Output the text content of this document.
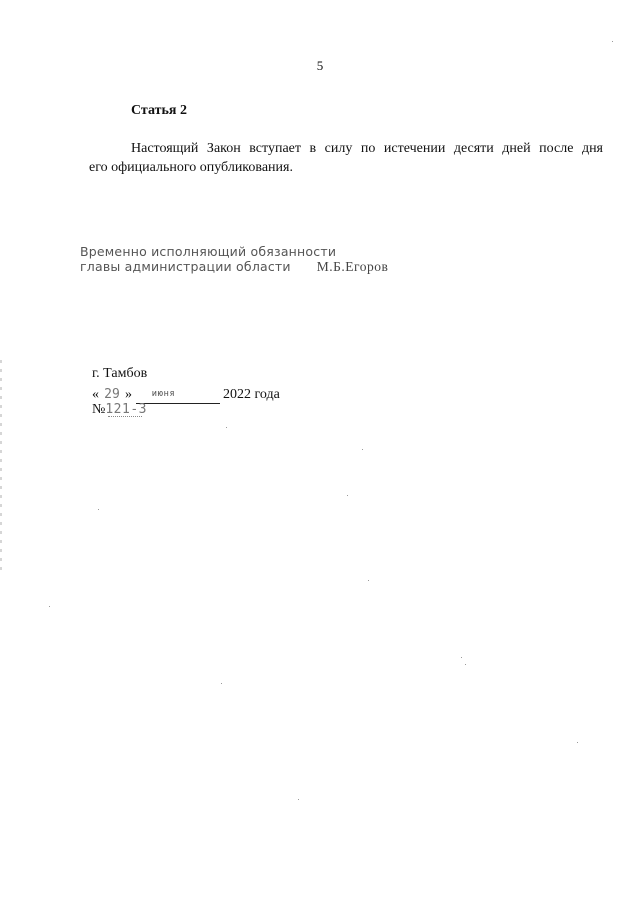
5
Статья 2
Настоящий Закон вступает в силу по истечении десяти дней после дня
его официального опубликования.
Временно исполняющий обязанности
главы администрации области М.Б.Егоров
г. Тамбов
« 29 » июня	2022 года
№121-З
